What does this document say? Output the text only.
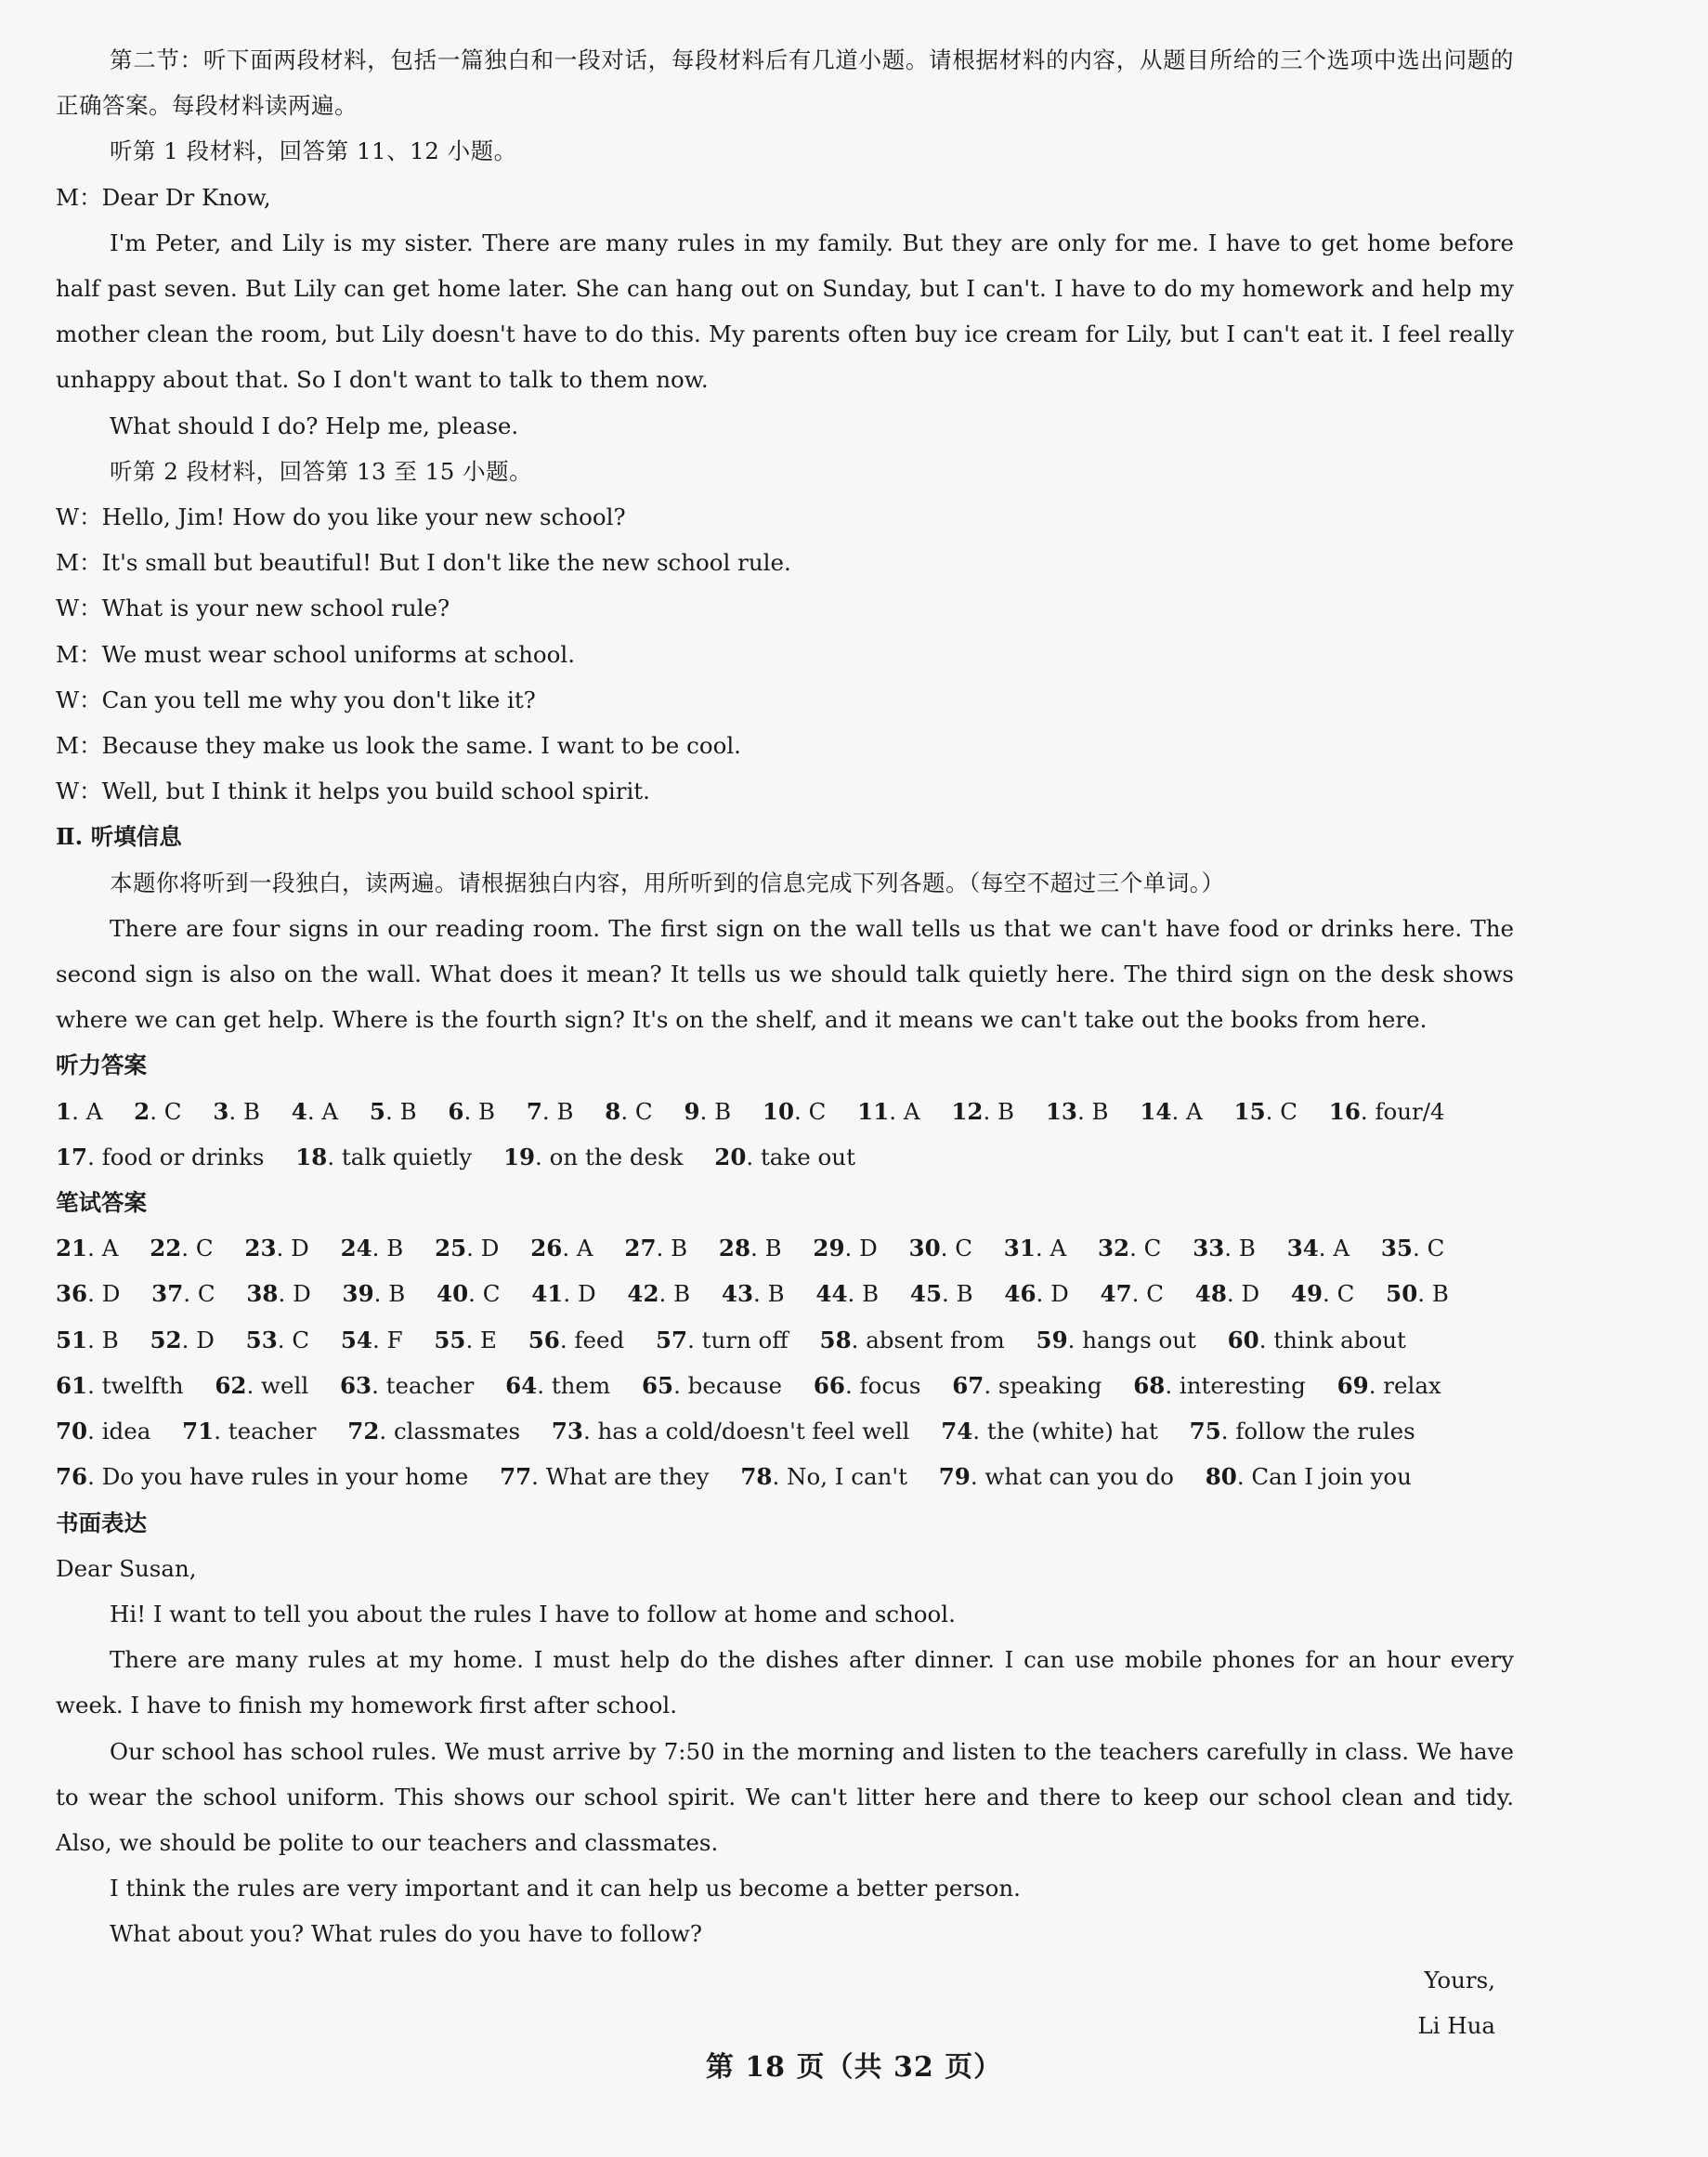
第二节：听下面两段材料，包括一篇独白和一段对话，每段材料后有几道小题。请根据材料的内容，从题目所给的三个选项中选出问题的正确答案。每段材料读两遍。

听第 1 段材料，回答第 11、12 小题。

M：Dear Dr Know,

I'm Peter, and Lily is my sister. There are many rules in my family. But they are only for me. I have to get home before half past seven. But Lily can get home later. She can hang out on Sunday, but I can't. I have to do my homework and help my mother clean the room, but Lily doesn't have to do this. My parents often buy ice cream for Lily, but I can't eat it. I feel really unhappy about that. So I don't want to talk to them now.

What should I do? Help me, please.

听第 2 段材料，回答第 13 至 15 小题。

W：Hello, Jim! How do you like your new school?

M：It's small but beautiful! But I don't like the new school rule.

W：What is your new school rule?

M：We must wear school uniforms at school.

W：Can you tell me why you don't like it?

M：Because they make us look the same. I want to be cool.

W：Well, but I think it helps you build school spirit.

Ⅱ. 听填信息

本题你将听到一段独白，读两遍。请根据独白内容，用所听到的信息完成下列各题。（每空不超过三个单词。）

There are four signs in our reading room. The first sign on the wall tells us that we can't have food or drinks here. The second sign is also on the wall. What does it mean? It tells us we should talk quietly here. The third sign on the desk shows where we can get help. Where is the fourth sign? It's on the shelf, and it means we can't take out the books from here.

听力答案

1. A 2. C 3. B 4. A 5. B 6. B 7. B 8. C 9. B 10. C 11. A 12. B 13. B 14. A 15. C 16. four/4 17. food or drinks 18. talk quietly 19. on the desk 20. take out

笔试答案

21. A 22. C 23. D 24. B 25. D 26. A 27. B 28. B 29. D 30. C 31. A 32. C 33. B 34. A 35. C 36. D 37. C 38. D 39. B 40. C 41. D 42. B 43. B 44. B 45. B 46. D 47. C 48. D 49. C 50. B 51. B 52. D 53. C 54. F 55. E 56. feed 57. turn off 58. absent from 59. hangs out 60. think about 61. twelfth 62. well 63. teacher 64. them 65. because 66. focus 67. speaking 68. interesting 69. relax 70. idea 71. teacher 72. classmates 73. has a cold/doesn't feel well 74. the (white) hat 75. follow the rules 76. Do you have rules in your home 77. What are they 78. No, I can't 79. what can you do 80. Can I join you

书面表达

Dear Susan,

Hi! I want to tell you about the rules I have to follow at home and school.

There are many rules at my home. I must help do the dishes after dinner. I can use mobile phones for an hour every week. I have to finish my homework first after school.

Our school has school rules. We must arrive by 7:50 in the morning and listen to the teachers carefully in class. We have to wear the school uniform. This shows our school spirit. We can't litter here and there to keep our school clean and tidy. Also, we should be polite to our teachers and classmates.

I think the rules are very important and it can help us become a better person.

What about you? What rules do you have to follow?

Yours,

Li Hua

第 18 页（共 32 页）
